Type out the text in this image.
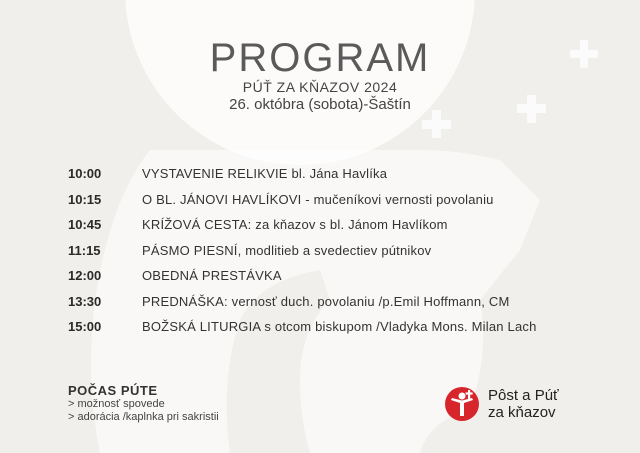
PROGRAM
PÚŤ ZA KŇAZOV 2024
26. októbra (sobota)-Šaštín
10:00	VYSTAVENIE RELIKVIE bl. Jána Havlíka
10:15	O BL. JÁNOVI HAVLÍKOVI - mučeníkovi vernosti povolaniu
10:45	KRÍŽOVÁ CESTA: za kňazov s bl. Jánom Havlíkom
11:15	PÁSMO PIESNÍ, modlitieb a svedectiev pútnikov
12:00	OBEDNÁ PRESTÁVKA
13:30	PREDNÁŠKA: vernosť duch. povolaniu /p.Emil Hoffmann, CM
15:00	BOŽSKÁ LITURGIA s otcom biskupom /Vladyka Mons. Milan Lach
POČAS PÚTE
> možnosť spovede
> adorácia /kaplnka pri sakristii
Pôst a Púť
za kňazov
